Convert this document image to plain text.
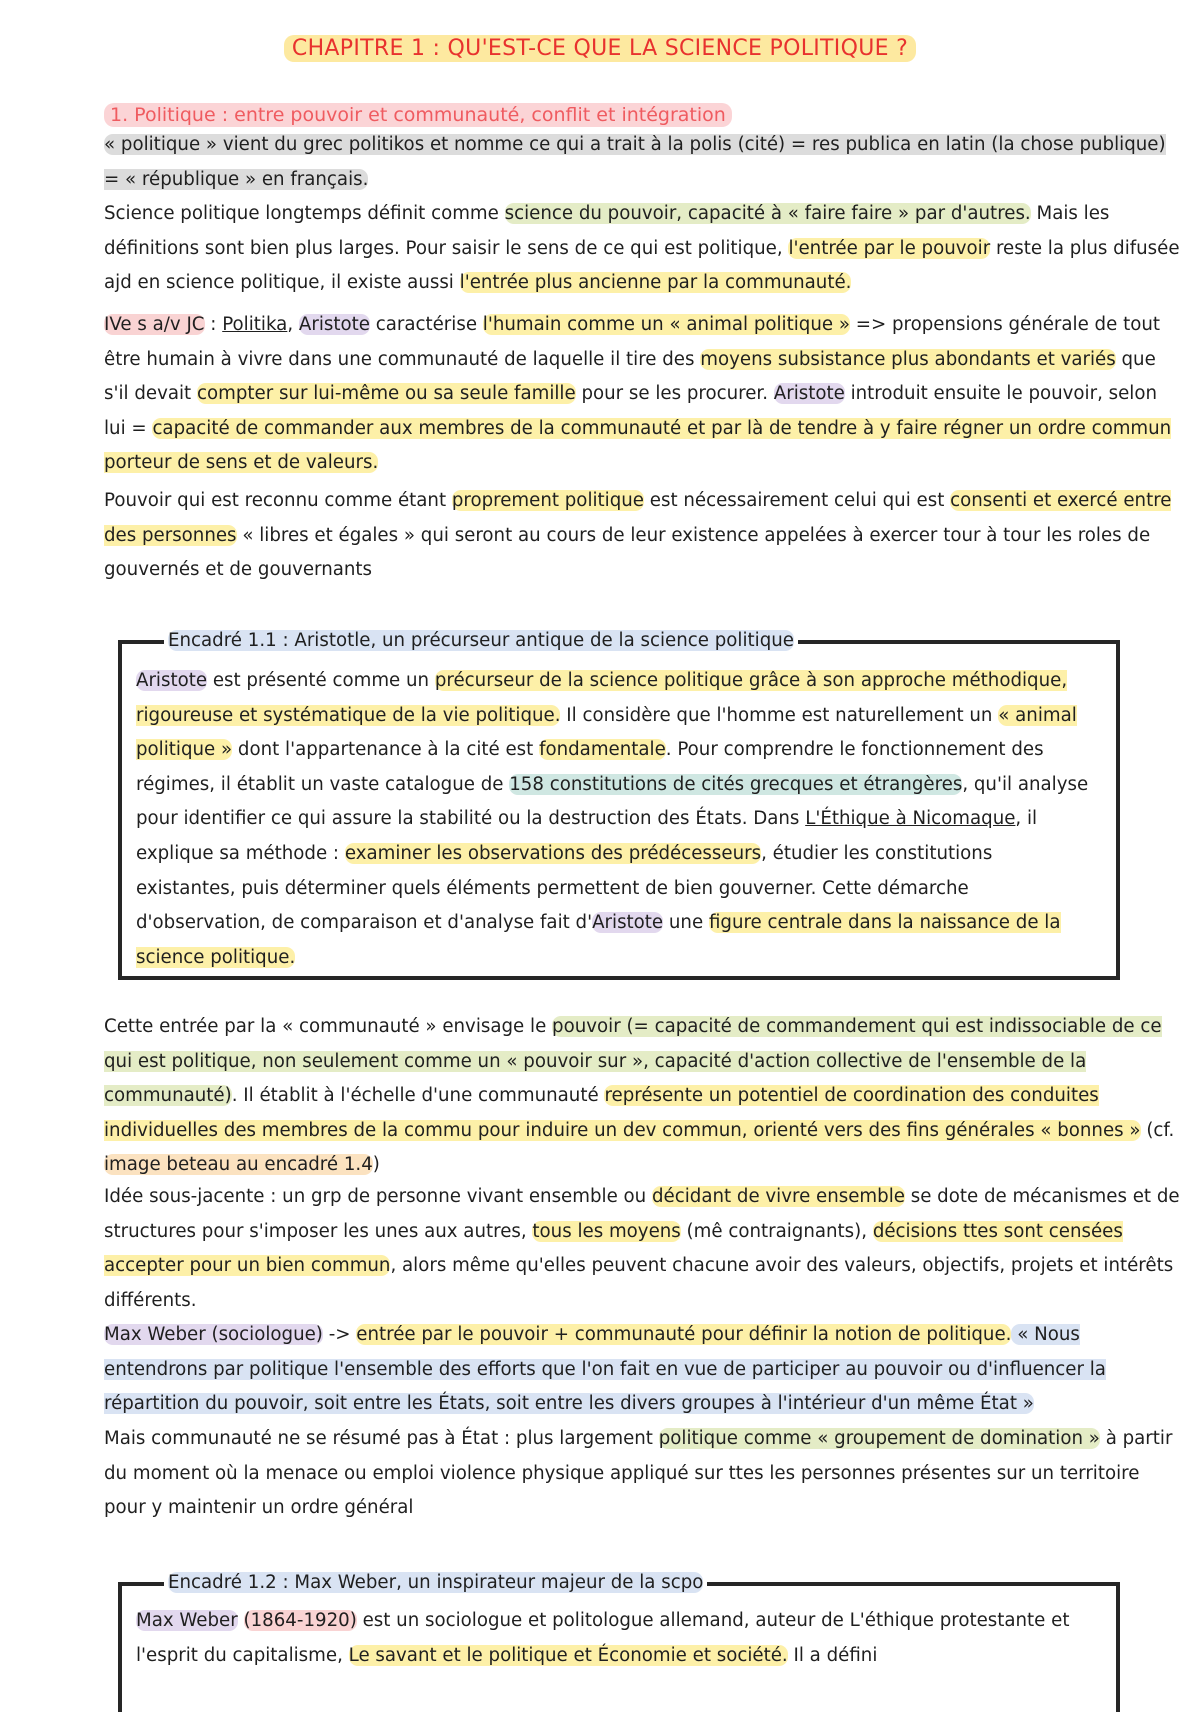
CHAPITRE 1 : QU'EST-CE QUE LA SCIENCE POLITIQUE ?
1. Politique : entre pouvoir et communauté, conflit et intégration

« politique » vient du grec politikos et nomme ce qui a trait à la polis (cité) = res publica en latin (la chose publique) = « république » en français.
Science politique longtemps définit comme science du pouvoir, capacité à « faire faire » par d'autres. Mais les définitions sont bien plus larges. Pour saisir le sens de ce qui est politique, l'entrée par le pouvoir reste la plus difusée ajd en science politique, il existe aussi l'entrée plus ancienne par la communauté.

IVe s a/v JC : Politika, Aristote caractérise l'humain comme un « animal politique » => propensions générale de tout être humain à vivre dans une communauté de laquelle il tire des moyens subsistance plus abondants et variés que s'il devait compter sur lui-même ou sa seule famille pour se les procurer. Aristote introduit ensuite le pouvoir, selon lui = capacité de commander aux membres de la communauté et par là de tendre à y faire régner un ordre commun porteur de sens et de valeurs.

Pouvoir qui est reconnu comme étant proprement politique est nécessairement celui qui est consenti et exercé entre des personnes « libres et égales » qui seront au cours de leur existence appelées à exercer tour à tour les roles de gouvernés et de gouvernants

Encadré 1.1 : Aristotle, un précurseur antique de la science politique

Aristote est présenté comme un précurseur de la science politique grâce à son approche méthodique, rigoureuse et systématique de la vie politique. Il considère que l'homme est naturellement un « animal politique » dont l'appartenance à la cité est fondamentale. Pour comprendre le fonctionnement des régimes, il établit un vaste catalogue de 158 constitutions de cités grecques et étrangères, qu'il analyse pour identifier ce qui assure la stabilité ou la destruction des États. Dans L'Éthique à Nicomaque, il explique sa méthode : examiner les observations des prédécesseurs, étudier les constitutions existantes, puis déterminer quels éléments permettent de bien gouverner. Cette démarche d'observation, de comparaison et d'analyse fait d'Aristote une figure centrale dans la naissance de la science politique.

Cette entrée par la « communauté » envisage le pouvoir (= capacité de commandement qui est indissociable de ce qui est politique, non seulement comme un « pouvoir sur », capacité d'action collective de l'ensemble de la communauté). Il établit à l'échelle d'une communauté représente un potentiel de coordination des conduites individuelles des membres de la commu pour induire un dev commun, orienté vers des fins générales « bonnes » (cf. image beteau au encadré 1.4)

Idée sous-jacente : un grp de personne vivant ensemble ou décidant de vivre ensemble se dote de mécanismes et de structures pour s'imposer les unes aux autres, tous les moyens (mê contraignants), décisions ttes sont censées accepter pour un bien commun, alors même qu'elles peuvent chacune avoir des valeurs, objectifs, projets et intérêts différents.

Max Weber (sociologue) -> entrée par le pouvoir + communauté pour définir la notion de politique. « Nous entendrons par politique l'ensemble des efforts que l'on fait en vue de participer au pouvoir ou d'influencer la répartition du pouvoir, soit entre les États, soit entre les divers groupes à l'intérieur d'un même État »

Mais communauté ne se résumé pas à État : plus largement politique comme « groupement de domination » à partir du moment où la menace ou emploi violence physique appliqué sur ttes les personnes présentes sur un territoire pour y maintenir un ordre général

Encadré 1.2 : Max Weber, un inspirateur majeur de la scpo

Max Weber (1864-1920) est un sociologue et politologue allemand, auteur de L'éthique protestante et l'esprit du capitalisme, Le savant et le politique et Économie et société. Il a défini
